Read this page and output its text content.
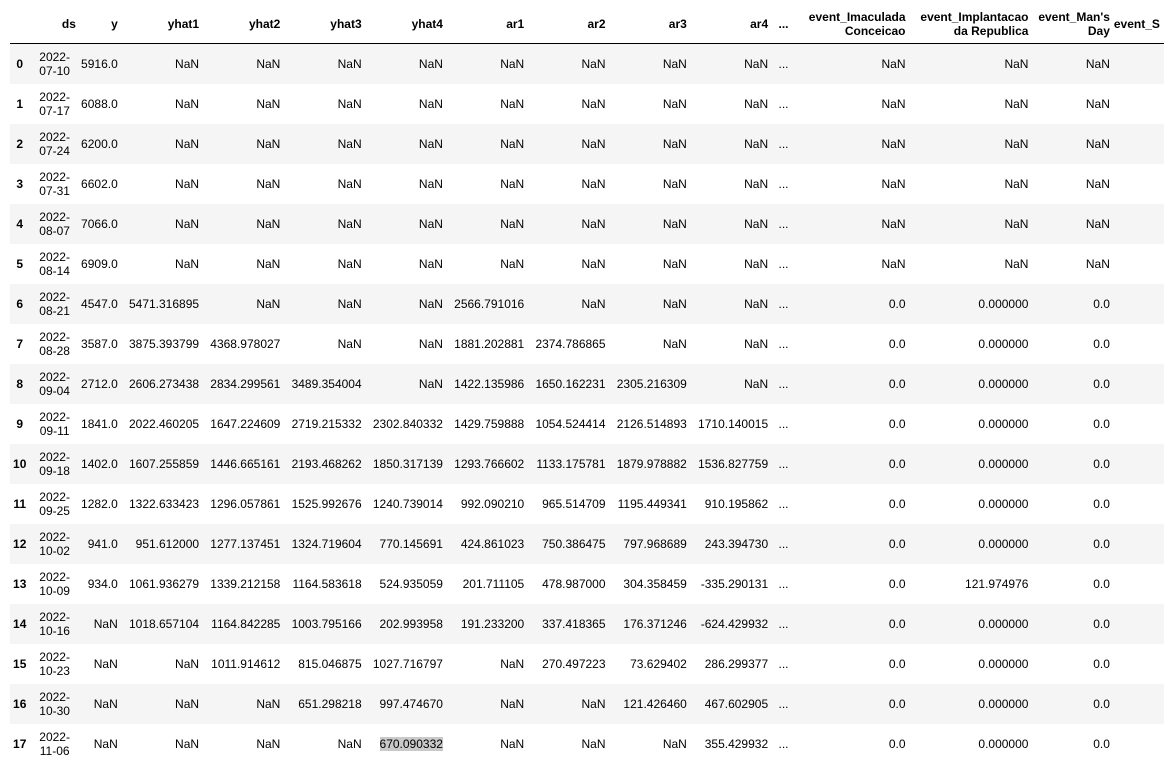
	ds	y	yhat1	yhat2	yhat3	yhat4	ar1	ar2	ar3	ar4	...	event_Imaculada Conceicao	event_Implantacao da Republica	event_Man's Day	event_S
0	2022-07-10	5916.0	NaN	NaN	NaN	NaN	NaN	NaN	NaN	NaN	...	NaN	NaN	NaN	
1	2022-07-17	6088.0	NaN	NaN	NaN	NaN	NaN	NaN	NaN	NaN	...	NaN	NaN	NaN	
2	2022-07-24	6200.0	NaN	NaN	NaN	NaN	NaN	NaN	NaN	NaN	...	NaN	NaN	NaN	
3	2022-07-31	6602.0	NaN	NaN	NaN	NaN	NaN	NaN	NaN	NaN	...	NaN	NaN	NaN	
4	2022-08-07	7066.0	NaN	NaN	NaN	NaN	NaN	NaN	NaN	NaN	...	NaN	NaN	NaN	
5	2022-08-14	6909.0	NaN	NaN	NaN	NaN	NaN	NaN	NaN	NaN	...	NaN	NaN	NaN	
6	2022-08-21	4547.0	5471.316895	NaN	NaN	NaN	2566.791016	NaN	NaN	NaN	...	0.0	0.000000	0.0	
7	2022-08-28	3587.0	3875.393799	4368.978027	NaN	NaN	1881.202881	2374.786865	NaN	NaN	...	0.0	0.000000	0.0	
8	2022-09-04	2712.0	2606.273438	2834.299561	3489.354004	NaN	1422.135986	1650.162231	2305.216309	NaN	...	0.0	0.000000	0.0	
9	2022-09-11	1841.0	2022.460205	1647.224609	2719.215332	2302.840332	1429.759888	1054.524414	2126.514893	1710.140015	...	0.0	0.000000	0.0	
10	2022-09-18	1402.0	1607.255859	1446.665161	2193.468262	1850.317139	1293.766602	1133.175781	1879.978882	1536.827759	...	0.0	0.000000	0.0	
11	2022-09-25	1282.0	1322.633423	1296.057861	1525.992676	1240.739014	992.090210	965.514709	1195.449341	910.195862	...	0.0	0.000000	0.0	
12	2022-10-02	941.0	951.612000	1277.137451	1324.719604	770.145691	424.861023	750.386475	797.968689	243.394730	...	0.0	0.000000	0.0	
13	2022-10-09	934.0	1061.936279	1339.212158	1164.583618	524.935059	201.711105	478.987000	304.358459	-335.290131	...	0.0	121.974976	0.0	
14	2022-10-16	NaN	1018.657104	1164.842285	1003.795166	202.993958	191.233200	337.418365	176.371246	-624.429932	...	0.0	0.000000	0.0	
15	2022-10-23	NaN	NaN	1011.914612	815.046875	1027.716797	NaN	270.497223	73.629402	286.299377	...	0.0	0.000000	0.0	
16	2022-10-30	NaN	NaN	NaN	651.298218	997.474670	NaN	NaN	121.426460	467.602905	...	0.0	0.000000	0.0	
17	2022-11-06	NaN	NaN	NaN	NaN	670.090332	NaN	NaN	NaN	355.429932	...	0.0	0.000000	0.0	
